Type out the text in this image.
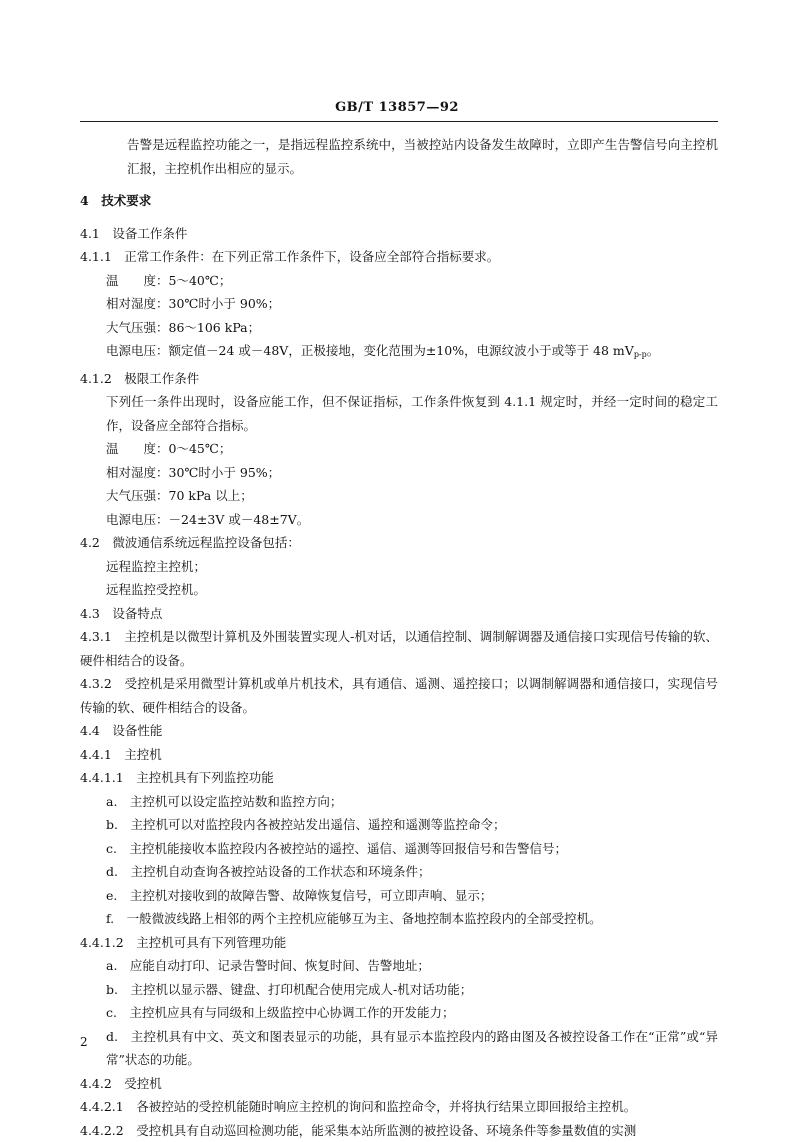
GB/T 13857—92

告警是远程监控功能之一，是指远程监控系统中，当被控站内设备发生故障时，立即产生告警信号向主控机汇报，主控机作出相应的显示。

4　技术要求

4.1　设备工作条件

4.1.1　正常工作条件：在下列正常工作条件下，设备应全部符合指标要求。

温　　度：5～40℃；

相对湿度：30℃时小于 90%；

大气压强：86～106 kPa；

电源电压：额定值－24 或－48V，正极接地，变化范围为±10%，电源纹波小于或等于 48 $mV_{p-p}$。

4.1.2　极限工作条件

下列任一条件出现时，设备应能工作，但不保证指标，工作条件恢复到 4.1.1 规定时，并经一定时间的稳定工作，设备应全部符合指标。

温　　度：0～45℃；

相对湿度：30℃时小于 95%；

大气压强：70 kPa 以上；

电源电压：－24±3V 或－48±7V。

4.2　微波通信系统远程监控设备包括：

远程监控主控机；

远程监控受控机。

4.3　设备特点

4.3.1　主控机是以微型计算机及外围装置实现人-机对话，以通信控制、调制解调器及通信接口实现信号传输的软、硬件相结合的设备。

4.3.2　受控机是采用微型计算机或单片机技术，具有通信、遥测、遥控接口；以调制解调器和通信接口，实现信号传输的软、硬件相结合的设备。

4.4　设备性能

4.4.1　主控机

4.4.1.1　主控机具有下列监控功能

a.　主控机可以设定监控站数和监控方向；

b.　主控机可以对监控段内各被控站发出遥信、遥控和遥测等监控命令；

c.　主控机能接收本监控段内各被控站的遥控、遥信、遥测等回报信号和告警信号；

d.　主控机自动查询各被控站设备的工作状态和环境条件；

e.　主控机对接收到的故障告警、故障恢复信号，可立即声响、显示；

f.　一般微波线路上相邻的两个主控机应能够互为主、备地控制本监控段内的全部受控机。

4.4.1.2　主控机可具有下列管理功能

a.　应能自动打印、记录告警时间、恢复时间、告警地址；

b.　主控机以显示器、键盘、打印机配合使用完成人-机对话功能；

c.　主控机应具有与同级和上级监控中心协调工作的开发能力；

d.　主控机具有中文、英文和图表显示的功能，具有显示本监控段内的路由图及各被控设备工作在“正常”或“异常”状态的功能。

4.4.2　受控机

4.4.2.1　各被控站的受控机能随时响应主控机的询问和监控命令，并将执行结果立即回报给主控机。

4.4.2.2　受控机具有自动巡回检测功能，能采集本站所监测的被控设备、环境条件等参量数值的实测

2
